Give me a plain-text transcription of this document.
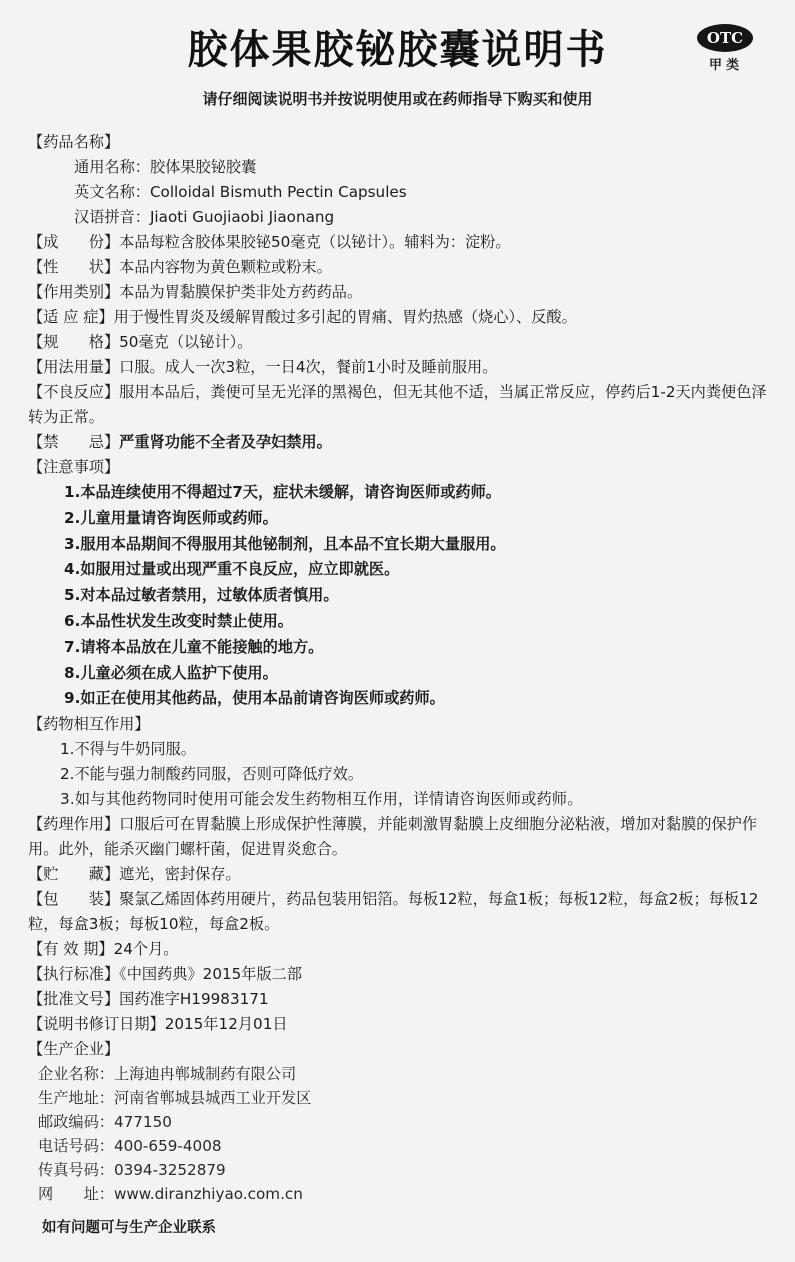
胶体果胶铋胶囊说明书	OTC
甲类
请仔细阅读说明书并按说明使用或在药师指导下购买和使用
【药品名称】
通用名称：胶体果胶铋胶囊
英文名称：Colloidal Bismuth Pectin Capsules
汉语拼音：Jiaoti Guojiaobi Jiaonang
【成　　份】本品每粒含胶体果胶铋50毫克（以铋计）。辅料为：淀粉。
【性　　状】本品内容物为黄色颗粒或粉末。
【作用类别】本品为胃黏膜保护类非处方药药品。
【适 应 症】用于慢性胃炎及缓解胃酸过多引起的胃痛、胃灼热感（烧心）、反酸。
【规　　格】50毫克（以铋计）。
【用法用量】口服。成人一次3粒，一日4次，餐前1小时及睡前服用。
【不良反应】服用本品后，粪便可呈无光泽的黑褐色，但无其他不适，当属正常反应，停药后1-2天内粪便色泽转为正常。
【禁　　忌】严重肾功能不全者及孕妇禁用。
【注意事项】
1.本品连续使用不得超过7天，症状未缓解，请咨询医师或药师。
2.儿童用量请咨询医师或药师。
3.服用本品期间不得服用其他铋制剂，且本品不宜长期大量服用。
4.如服用过量或出现严重不良反应，应立即就医。
5.对本品过敏者禁用，过敏体质者慎用。
6.本品性状发生改变时禁止使用。
7.请将本品放在儿童不能接触的地方。
8.儿童必须在成人监护下使用。
9.如正在使用其他药品，使用本品前请咨询医师或药师。
【药物相互作用】
1.不得与牛奶同服。
2.不能与强力制酸药同服，否则可降低疗效。
3.如与其他药物同时使用可能会发生药物相互作用，详情请咨询医师或药师。
【药理作用】口服后可在胃黏膜上形成保护性薄膜，并能刺激胃黏膜上皮细胞分泌粘液，增加对黏膜的保护作用。此外，能杀灭幽门螺杆菌，促进胃炎愈合。
【贮　　藏】遮光，密封保存。
【包　　装】聚氯乙烯固体药用硬片，药品包装用铝箔。每板12粒，每盒1板；每板12粒，每盒2板；每板12粒，每盒3板；每板10粒，每盒2板。
【有 效 期】24个月。
【执行标准】《中国药典》2015年版二部
【批准文号】国药准字H19983171
【说明书修订日期】2015年12月01日
【生产企业】
企业名称：上海迪冉郸城制药有限公司
生产地址：河南省郸城县城西工业开发区
邮政编码：477150
电话号码：400-659-4008
传真号码：0394-3252879
网　　址：www.diranzhiyao.com.cn
如有问题可与生产企业联系
